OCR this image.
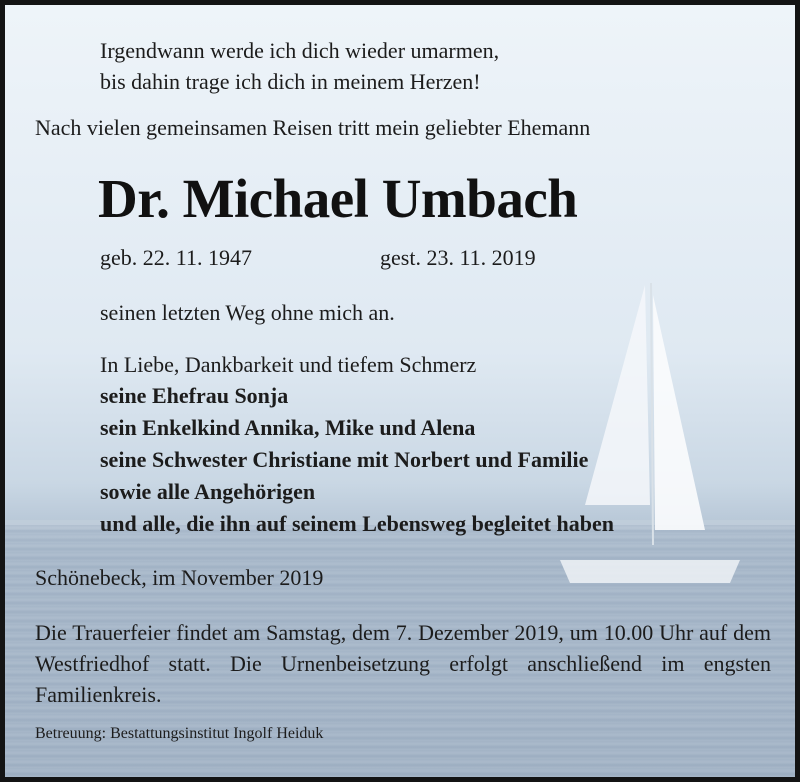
Irgendwann werde ich dich wieder umarmen,
bis dahin trage ich dich in meinem Herzen!
Nach vielen gemeinsamen Reisen tritt mein geliebter Ehemann
Dr. Michael Umbach
geb. 22. 11. 1947	gest. 23. 11. 2019
seinen letzten Weg ohne mich an.
In Liebe, Dankbarkeit und tiefem Schmerz
seine Ehefrau Sonja
sein Enkelkind Annika, Mike und Alena
seine Schwester Christiane mit Norbert und Familie
sowie alle Angehörigen
und alle, die ihn auf seinem Lebensweg begleitet haben
Schönebeck, im November 2019
Die Trauerfeier findet am Samstag, dem 7. Dezember 2019, um 10.00 Uhr auf dem Westfriedhof statt. Die Urnenbeisetzung erfolgt anschließend im engsten Familienkreis.
Betreuung: Bestattungsinstitut Ingolf Heiduk
